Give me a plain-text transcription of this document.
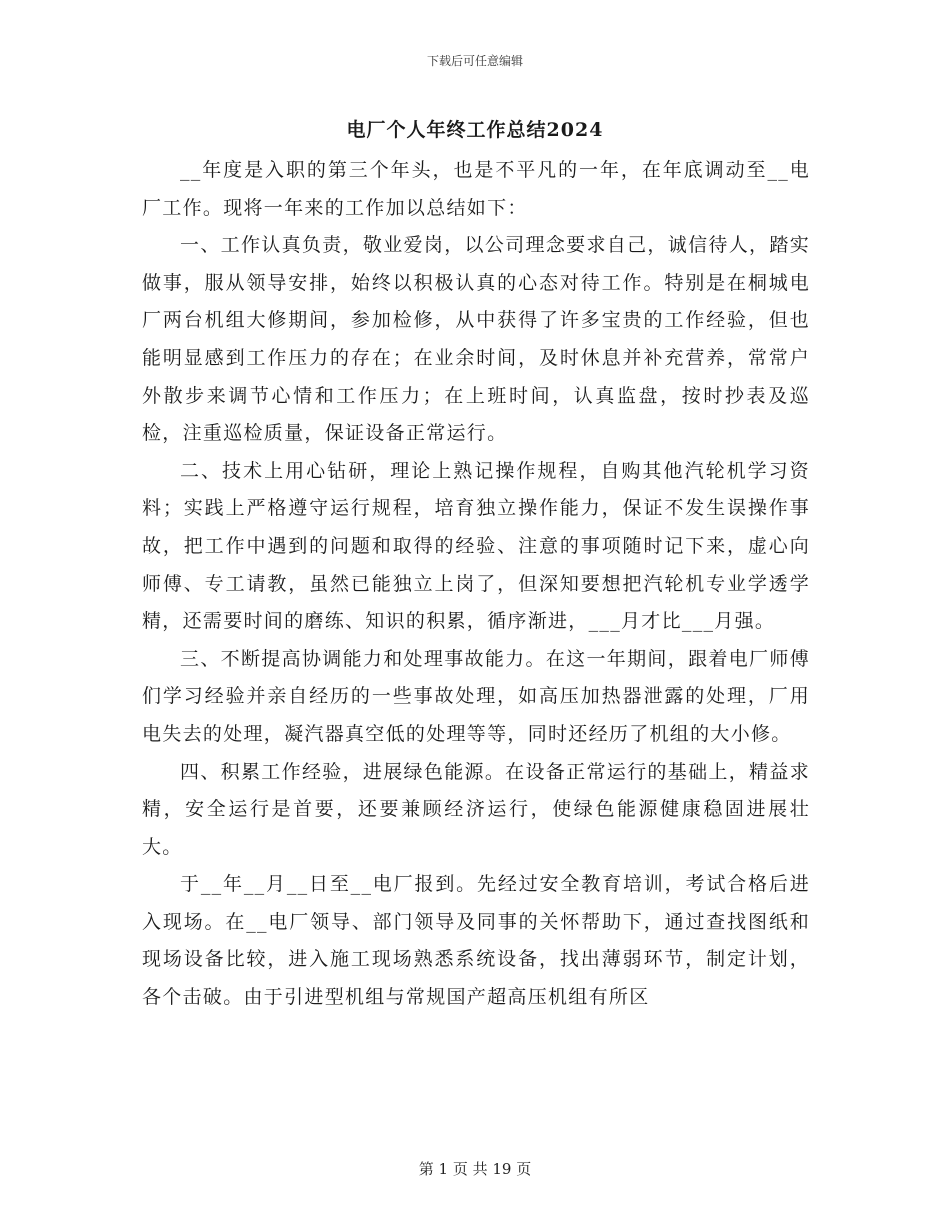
下载后可任意编辑
电厂个人年终工作总结2024

__年度是入职的第三个年头，也是不平凡的一年，在年底调动至__电厂工作。现将一年来的工作加以总结如下：

一、工作认真负责，敬业爱岗，以公司理念要求自己，诚信待人，踏实做事，服从领导安排，始终以积极认真的心态对待工作。特别是在桐城电厂两台机组大修期间，参加检修，从中获得了许多宝贵的工作经验，但也能明显感到工作压力的存在；在业余时间，及时休息并补充营养，常常户外散步来调节心情和工作压力；在上班时间，认真监盘，按时抄表及巡检，注重巡检质量，保证设备正常运行。

二、技术上用心钻研，理论上熟记操作规程，自购其他汽轮机学习资料；实践上严格遵守运行规程，培育独立操作能力，保证不发生误操作事故，把工作中遇到的问题和取得的经验、注意的事项随时记下来，虚心向师傅、专工请教，虽然已能独立上岗了，但深知要想把汽轮机专业学透学精，还需要时间的磨练、知识的积累，循序渐进，___月才比___月强。

三、不断提高协调能力和处理事故能力。在这一年期间，跟着电厂师傅们学习经验并亲自经历的一些事故处理，如高压加热器泄露的处理，厂用电失去的处理，凝汽器真空低的处理等等，同时还经历了机组的大小修。

四、积累工作经验，进展绿色能源。在设备正常运行的基础上，精益求精，安全运行是首要，还要兼顾经济运行，使绿色能源健康稳固进展壮大。

于__年__月__日至__电厂报到。先经过安全教育培训，考试合格后进入现场。在__电厂领导、部门领导及同事的关怀帮助下，通过查找图纸和现场设备比较，进入施工现场熟悉系统设备，找出薄弱环节，制定计划，各个击破。由于引进型机组与常规国产超高压机组有所区

第 1 页 共 19 页
